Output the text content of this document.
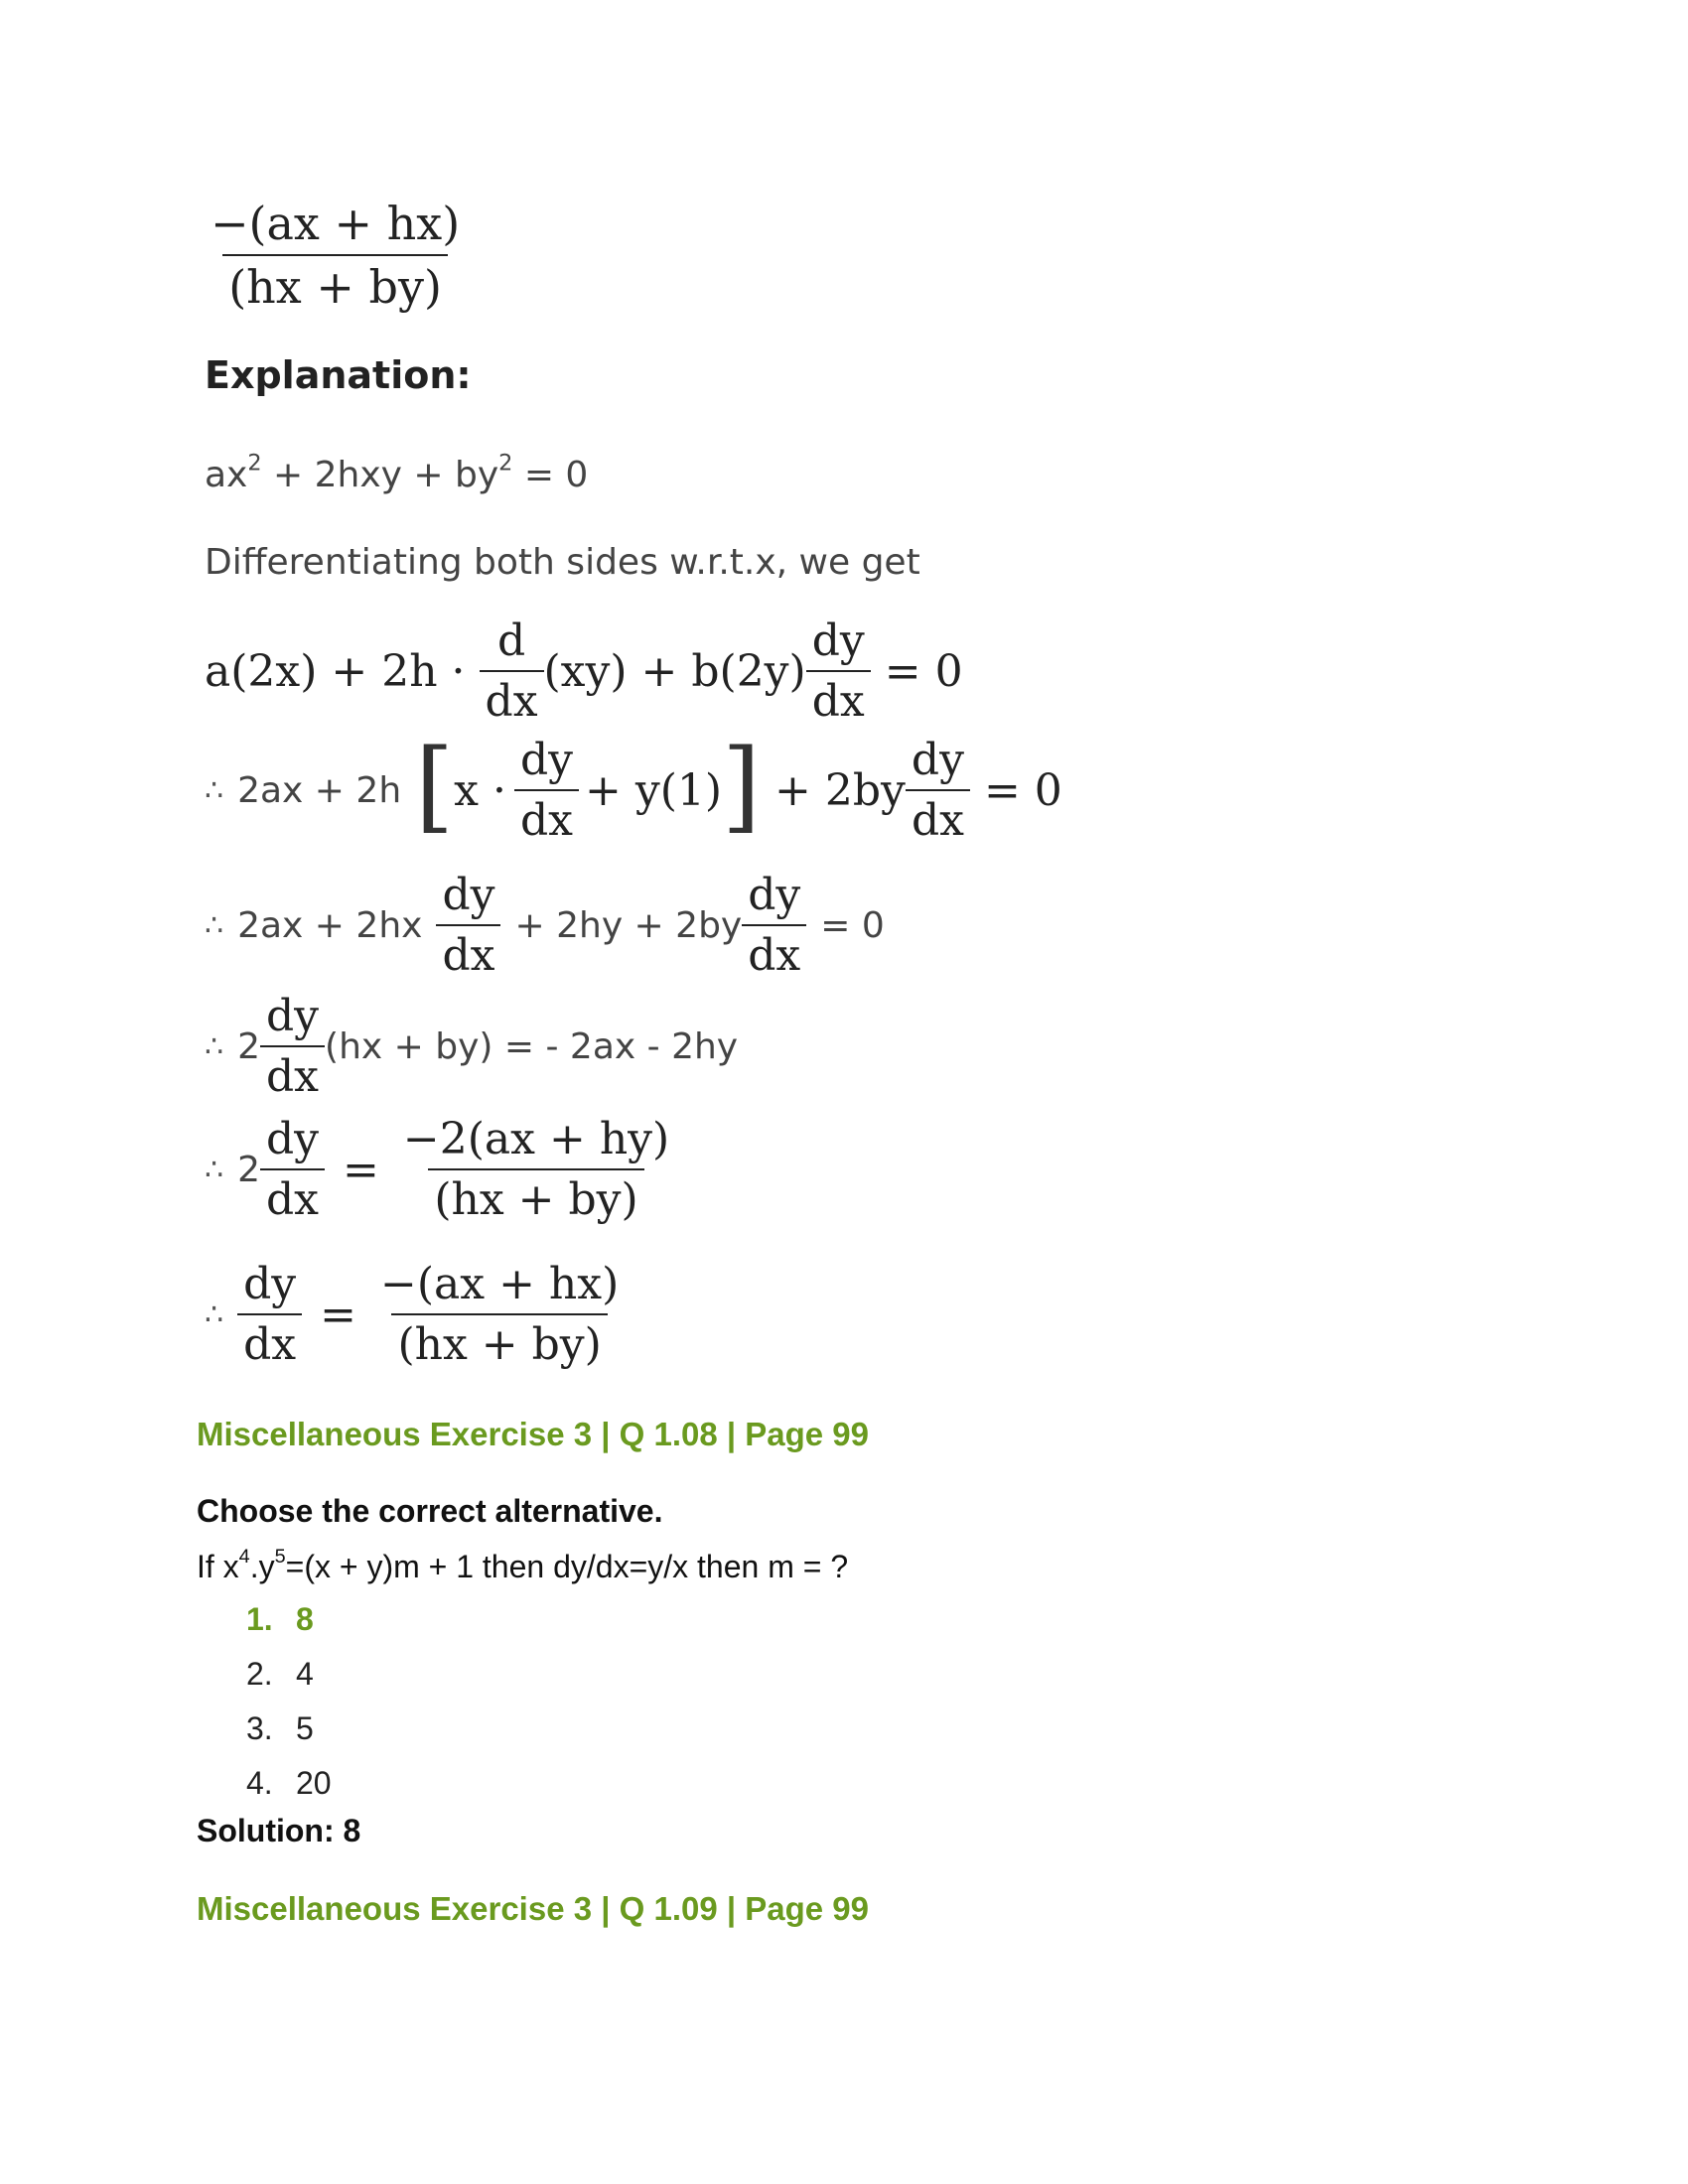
$\frac{-(ax + hx)}{(hx + by)}$
Explanation:
$ax^2 + 2hxy + by^2 = 0$
Differentiating both sides w.r.t.x, we get
$a(2x) + 2h \cdot \frac{d}{dx} (xy) + b(2y) \frac{dy}{dx} = 0$
∴ 2ax + 2h [ $x \cdot \frac{dy}{dx} + y(1)$ ] + $2by \frac{dy}{dx} = 0$
∴ $2ax + 2hx \frac{dy}{dx} + 2hy + 2by \frac{dy}{dx} = 0$
∴ $2 \frac{dy}{dx} (hx + by)$ = - 2ax - 2hy
∴ $2 \frac{dy}{dx} = \frac{-2(ax + hy)}{(hx + by)}$
∴ $\frac{dy}{dx} = \frac{-(ax + hx)}{(hx + by)}$
Miscellaneous Exercise 3 | Q 1.08 | Page 99
Choose the correct alternative.
If $x^4.y^5=(x + y)m + 1$ then dy/dx=y/x then m = ?
1. 8
2. 4
3. 5
4. 20
Solution: 8
Miscellaneous Exercise 3 | Q 1.09 | Page 99
